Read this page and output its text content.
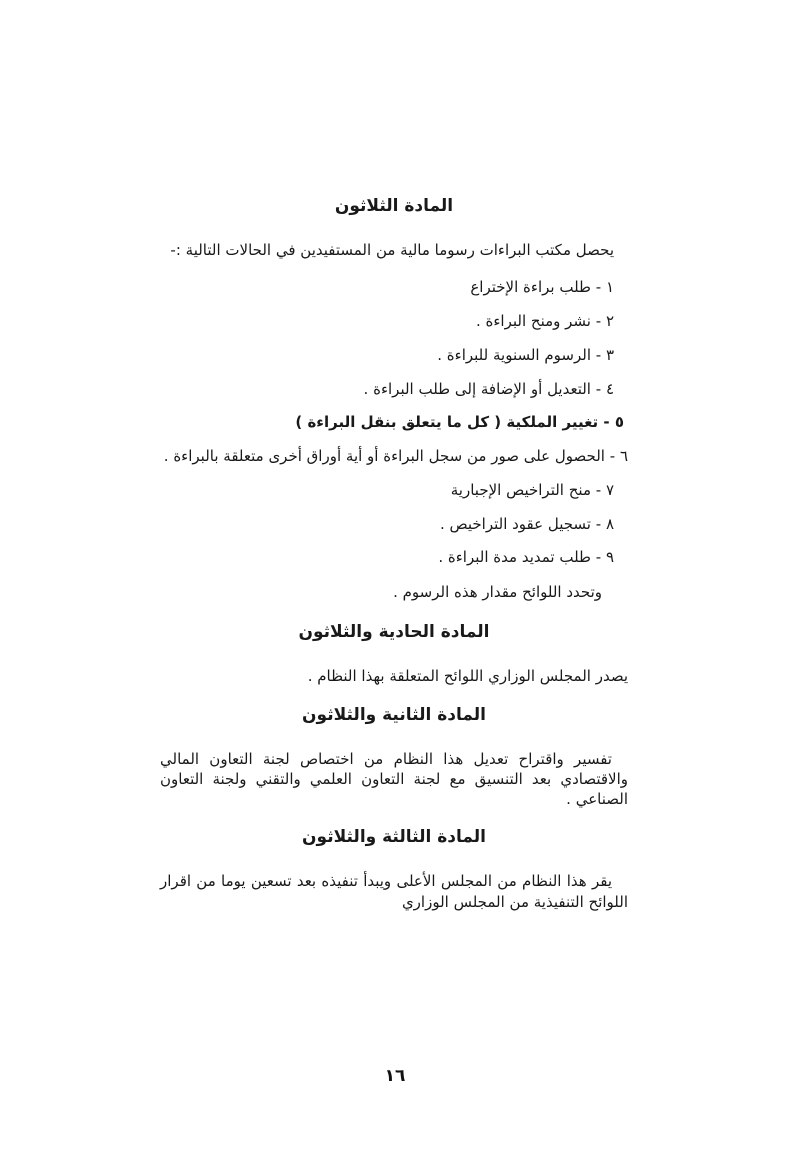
المادة الثلاثون

يحصل مكتب البراءات رسوما مالية من المستفيدين في الحالات التالية :-

١ - طلب براءة الإختراع

٢ - نشر ومنح البراءة .

٣ - الرسوم السنوية للبراءة .

٤ - التعديل أو الإضافة إلى طلب البراءة .

٥ - تغيير الملكية ( كل ما يتعلق بنقل البراءة )

٦ - الحصول على صور من سجل البراءة أو أية أوراق أخرى متعلقة بالبراءة .

٧ - منح التراخيص الإجبارية

٨ - تسجيل عقود التراخيص .

٩ - طلب تمديد مدة البراءة .

وتحدد اللوائح مقدار هذه الرسوم .

المادة الحادية والثلاثون

يصدر المجلس الوزاري اللوائح المتعلقة بهذا النظام .

المادة الثانية والثلاثون

تفسير واقتراح تعديل هذا النظام من اختصاص لجنة التعاون المالي والاقتصادي بعد التنسيق مع لجنة التعاون العلمي والتقني ولجنة التعاون الصناعي .

المادة الثالثة والثلاثون

يقر هذا النظام من المجلس الأعلى ويبدأ تنفيذه بعد تسعين يوما من اقرار اللوائح التنفيذية من المجلس الوزاري

١٦
